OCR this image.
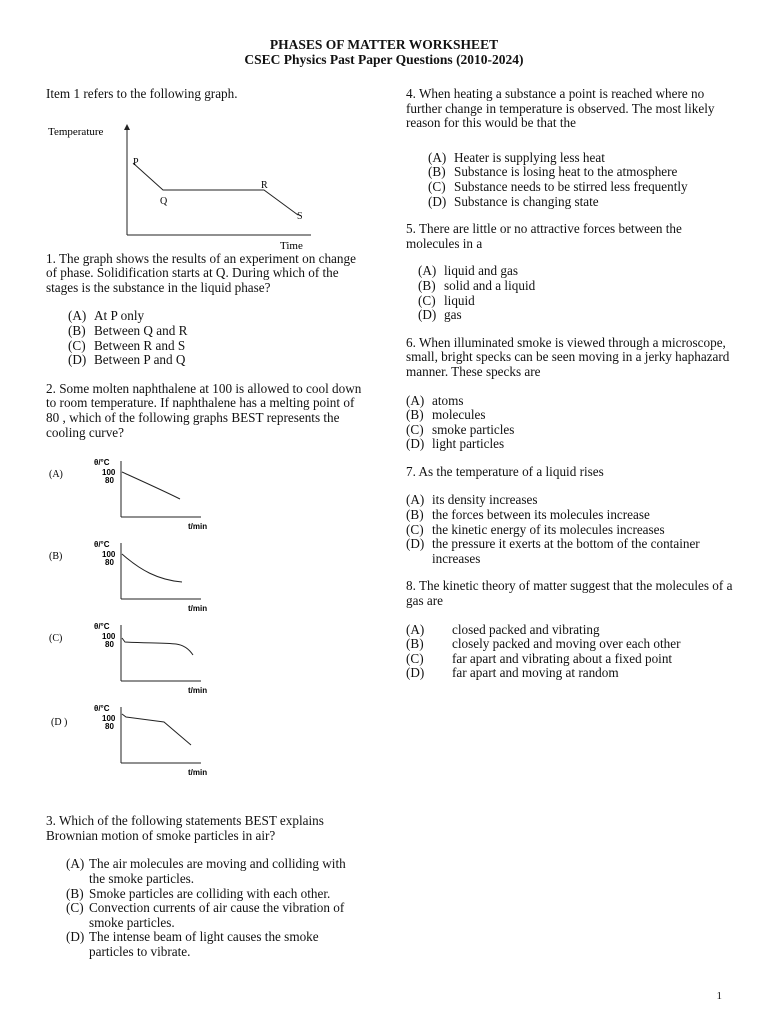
PHASES OF MATTER WORKSHEET
CSEC Physics Past Paper Questions (2010-2024)

Item 1 refers to the following graph.

Temperature
P
Q
R
S
Time

1. The graph shows the results of an experiment on change of phase. Solidification starts at Q. During which of the stages is the substance in the liquid phase?

(A) At P only
(B) Between Q and R
(C) Between R and S
(D) Between P and Q

2. Some molten naphthalene at 100 is allowed to cool down to room temperature. If naphthalene has a melting point of 80 , which of the following graphs BEST represents the cooling curve?

(A)
θ/°C
100
80
t/min
(B)
θ/°C
100
80
t/min
(C)
θ/°C
100
80
t/min
(D )
θ/°C
100
80
t/min

3. Which of the following statements BEST explains Brownian motion of smoke particles in air?

(A) The air molecules are moving and colliding with the smoke particles.
(B) Smoke particles are colliding with each other.
(C) Convection currents of air cause the vibration of smoke particles.
(D) The intense beam of light causes the smoke particles to vibrate.

4. When heating a substance a point is reached where no further change in temperature is observed. The most likely reason for this would be that the

(A) Heater is supplying less heat
(B) Substance is losing heat to the atmosphere
(C) Substance needs to be stirred less frequently
(D) Substance is changing state

5. There are little or no attractive forces between the molecules in a

(A) liquid and gas
(B) solid and a liquid
(C) liquid
(D) gas

6. When illuminated smoke is viewed through a microscope, small, bright specks can be seen moving in a jerky haphazard manner. These specks are

(A) atoms
(B) molecules
(C) smoke particles
(D) light particles

7. As the temperature of a liquid rises

(A) its density increases
(B) the forces between its molecules increase
(C) the kinetic energy of its molecules increases
(D) the pressure it exerts at the bottom of the container increases

8. The kinetic theory of matter suggest that the molecules of a gas are

(A)	closed packed and vibrating
(B)	closely packed and moving over each other
(C)	far apart and vibrating about a fixed point
(D)	far apart and moving at random
1
